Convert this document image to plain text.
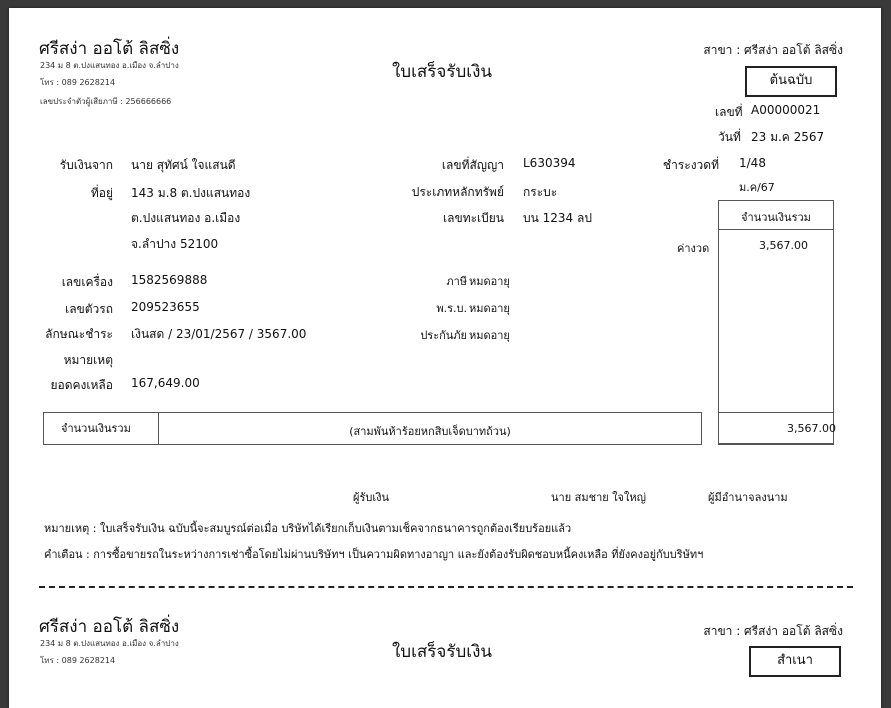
ศรีสง่า ออโต้ ลิสซิ่ง
234 ม 8 ต.ปงแสนทอง อ.เมือง จ.ลำปาง
โทร : 089 2628214
เลขประจำตัวผู้เสียภาษี : 256666666
ใบเสร็จรับเงิน
สาขา : ศรีสง่า ออโต้ ลิสซิ่ง
ต้นฉบับ
เลขที่ A00000021
วันที่ 23 ม.ค 2567
รับเงินจาก นาย สุทัศน์ ใจแสนดี
ที่อยู่ 143 ม.8 ต.ปงแสนทอง
ต.ปงแสนทอง อ.เมือง
จ.ลำปาง 52100
เลขที่สัญญา L630394
ประเภทหลักทรัพย์ กระบะ
เลขทะเบียน บน 1234 ลป
ชำระงวดที่ 1/48
ม.ค/67
จำนวนเงินรวม
ค่างวด	3,567.00
เลขเครื่อง 1582569888
เลขตัวรถ 209523655
ลักษณะชำระ เงินสด / 23/01/2567 / 3567.00
หมายเหตุ
ยอดคงเหลือ 167,649.00
ภาษี หมดอายุ
พ.ร.บ. หมดอายุ
ประกันภัย หมดอายุ
จำนวนเงินรวม	(สามพันห้าร้อยหกสิบเจ็ดบาทถ้วน)	3,567.00
ผู้รับเงิน	นาย สมชาย ใจใหญ่	ผู้มีอำนาจลงนาม
หมายเหตุ : ใบเสร็จรับเงิน ฉบับนี้จะสมบูรณ์ต่อเมื่อ บริษัทได้เรียกเก็บเงินตามเช็คจากธนาคารถูกต้องเรียบร้อยแล้ว
คำเตือน : การซื้อขายรถในระหว่างการเช่าซื้อโดยไม่ผ่านบริษัทฯ เป็นความผิดทางอาญา และยังต้องรับผิดชอบหนี้คงเหลือ ที่ยังคงอยู่กับบริษัทฯ
ศรีสง่า ออโต้ ลิสซิ่ง
234 ม 8 ต.ปงแสนทอง อ.เมือง จ.ลำปาง
โทร : 089 2628214	ใบเสร็จรับเงิน
สาขา : ศรีสง่า ออโต้ ลิสซิ่ง
สำเนา
